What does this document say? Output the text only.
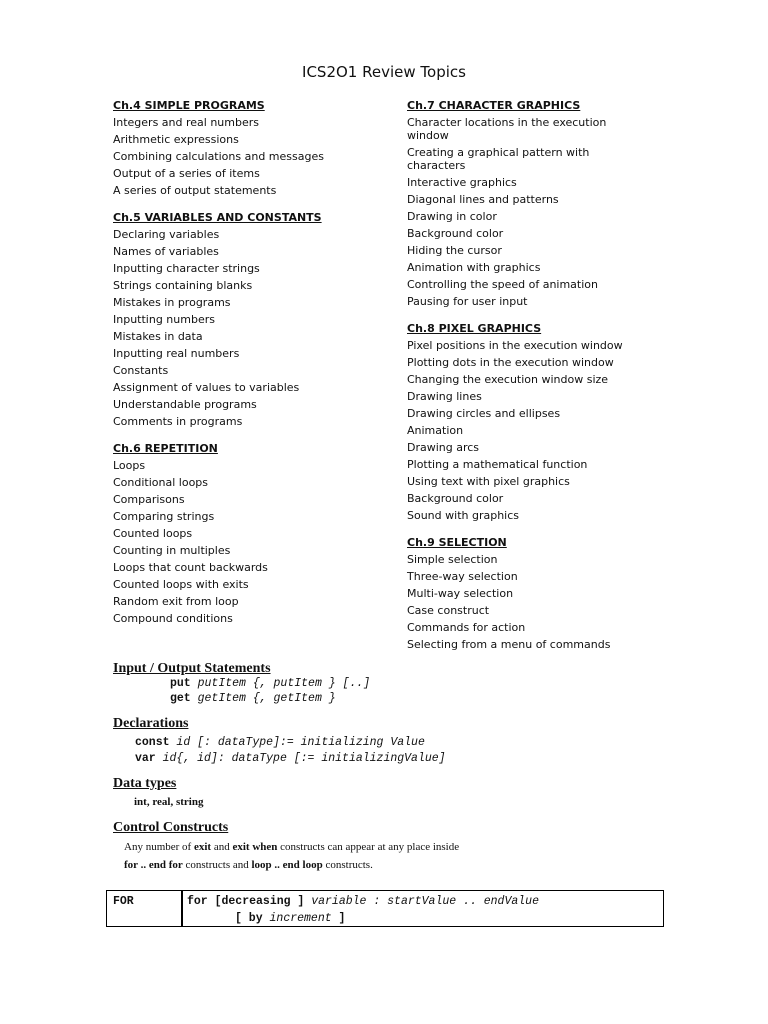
ICS2O1 Review Topics
Ch.4 SIMPLE PROGRAMS
Integers and real numbers
Arithmetic expressions
Combining calculations and messages
Output of a series of items
A series of output statements
Ch.5 VARIABLES AND CONSTANTS
Declaring variables
Names of variables
Inputting character strings
Strings containing blanks
Mistakes in programs
Inputting numbers
Mistakes in data
Inputting real numbers
Constants
Assignment of values to variables
Understandable programs
Comments in programs
Ch.6 REPETITION
Loops
Conditional loops
Comparisons
Comparing strings
Counted loops
Counting in multiples
Loops that count backwards
Counted loops with exits
Random exit from loop
Compound conditions
Ch.7 CHARACTER GRAPHICS
Character locations in the execution window
Creating a graphical pattern with characters
Interactive graphics
Diagonal lines and patterns
Drawing in color
Background color
Hiding the cursor
Animation with graphics
Controlling the speed of animation
Pausing for user input
Ch.8 PIXEL GRAPHICS
Pixel positions in the execution window
Plotting dots in the execution window
Changing the execution window size
Drawing lines
Drawing circles and ellipses
Animation
Drawing arcs
Plotting a mathematical function
Using text with pixel graphics
Background color
Sound with graphics
Ch.9 SELECTION
Simple selection
Three-way selection
Multi-way selection
Case construct
Commands for action
Selecting from a menu of commands
Input / Output Statements
put putItem {, putItem } [..]
get getItem {, getItem }
Declarations
const id [: dataType]:= initializing Value
var id{, id]: dataType [:= initializingValue]
Data types
int, real, string
Control Constructs
Any number of exit and exit when constructs can appear at any place inside
for .. end for constructs and loop .. end loop constructs.
FOR	for [decreasing ] variable : startValue .. endValue
[ by increment ]
